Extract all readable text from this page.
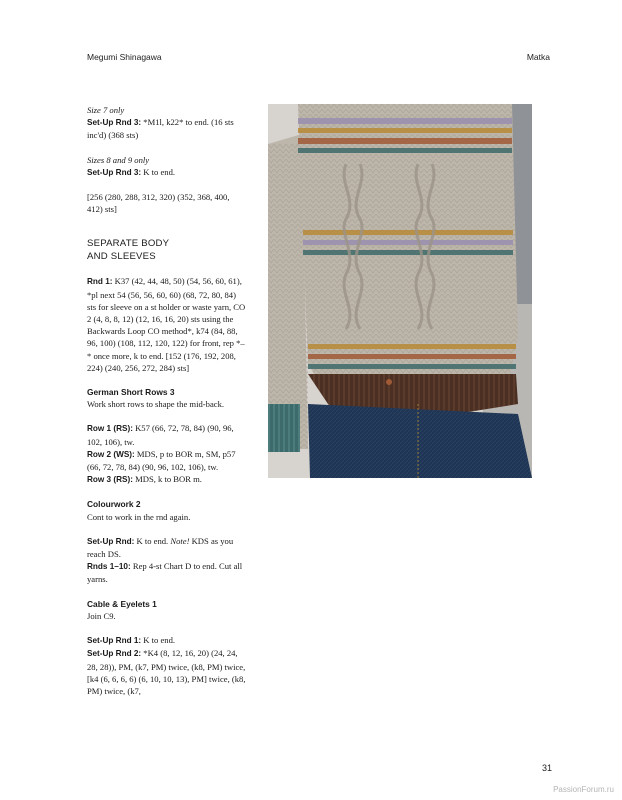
Megumi Shinagawa	Matka

Size 7 only

Set-Up Rnd 3: *M1l, k22* to end. (16 sts inc'd) (368 sts)

Sizes 8 and 9 only

Set-Up Rnd 3: K to end.

[256 (280, 288, 312, 320) (352, 368, 400, 412) sts]

SEPARATE BODY

AND SLEEVES

Rnd 1: K37 (42, 44, 48, 50) (54, 56, 60, 61), *pl next 54 (56, 56, 60, 60) (68, 72, 80, 84) sts for sleeve on a st holder or waste yarn, CO 2 (4, 8, 8, 12) (12, 16, 16, 20) sts using the Backwards Loop CO method*, k74 (84, 88, 96, 100) (108, 112, 120, 122) for front, rep *–* once more, k to end. [152 (176, 192, 208, 224) (240, 256, 272, 284) sts]

German Short Rows 3

Work short rows to shape the mid-back.

Row 1 (RS): K57 (66, 72, 78, 84) (90, 96, 102, 106), tw.

Row 2 (WS): MDS, p to BOR m, SM, p57 (66, 72, 78, 84) (90, 96, 102, 106), tw.

Row 3 (RS): MDS, k to BOR m.

Colourwork 2

Cont to work in the rnd again.

Set-Up Rnd: K to end. Note! KDS as you reach DS.

Rnds 1–10: Rep 4-st Chart D to end. Cut all yarns.

Cable & Eyelets 1

Join C9.

Set-Up Rnd 1: K to end.

Set-Up Rnd 2: *K4 (8, 12, 16, 20) (24, 24, 28, 28)), PM, (k7, PM) twice, (k8, PM) twice, [k4 (6, 6, 6, 6) (6, 10, 10, 13), PM] twice, (k8, PM) twice, (k7,

31
PassionForum.ru
